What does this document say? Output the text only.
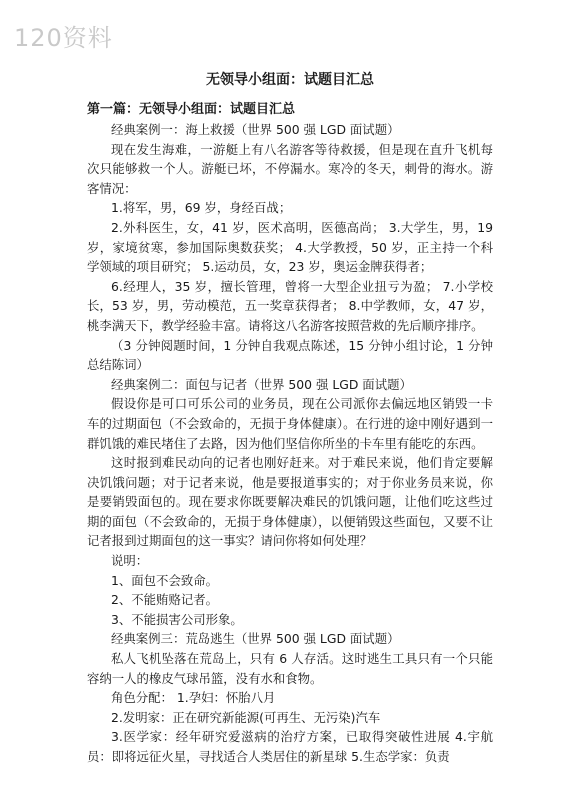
120资料
无领导小组面：试题目汇总
第一篇：无领导小组面：试题目汇总

经典案例一：海上救援（世界 500 强 LGD 面试题）

现在发生海难，一游艇上有八名游客等待救援，但是现在直升飞机每次只能够救一个人。游艇已坏，不停漏水。寒冷的冬天，刺骨的海水。游客情况：

1.将军，男，69 岁，身经百战；

2.外科医生，女，41 岁，医术高明，医德高尚； 3.大学生，男，19 岁，家境贫寒，参加国际奥数获奖； 4.大学教授，50 岁，正主持一个科学领域的项目研究； 5.运动员，女，23 岁，奥运金牌获得者；

6.经理人，35 岁，擅长管理，曾将一大型企业扭亏为盈； 7.小学校长，53 岁，男，劳动模范，五一奖章获得者； 8.中学教师，女，47 岁，桃李满天下，教学经验丰富。请将这八名游客按照营救的先后顺序排序。

（3 分钟阅题时间，1 分钟自我观点陈述，15 分钟小组讨论，1 分钟总结陈词）

经典案例二：面包与记者（世界 500 强 LGD 面试题）

假设你是可口可乐公司的业务员，现在公司派你去偏远地区销毁一卡车的过期面包（不会致命的，无损于身体健康）。在行进的途中刚好遇到一群饥饿的难民堵住了去路，因为他们坚信你所坐的卡车里有能吃的东西。

这时报到难民动向的记者也刚好赶来。对于难民来说，他们肯定要解决饥饿问题；对于记者来说，他是要报道事实的；对于你业务员来说，你是要销毁面包的。现在要求你既要解决难民的饥饿问题，让他们吃这些过期的面包（不会致命的，无损于身体健康），以便销毁这些面包，又要不让记者报到过期面包的这一事实？请问你将如何处理？

说明：

1、面包不会致命。

2、不能贿赂记者。

3、不能损害公司形象。

经典案例三：荒岛逃生（世界 500 强 LGD 面试题）

私人飞机坠落在荒岛上，只有 6 人存活。这时逃生工具只有一个只能容纳一人的橡皮气球吊篮，没有水和食物。

角色分配： 1.孕妇：怀胎八月

2.发明家：正在研究新能源(可再生、无污染)汽车

3.医学家：经年研究爱滋病的治疗方案，已取得突破性进展 4.宇航员：即将远征火星，寻找适合人类居住的新星球 5.生态学家：负责
